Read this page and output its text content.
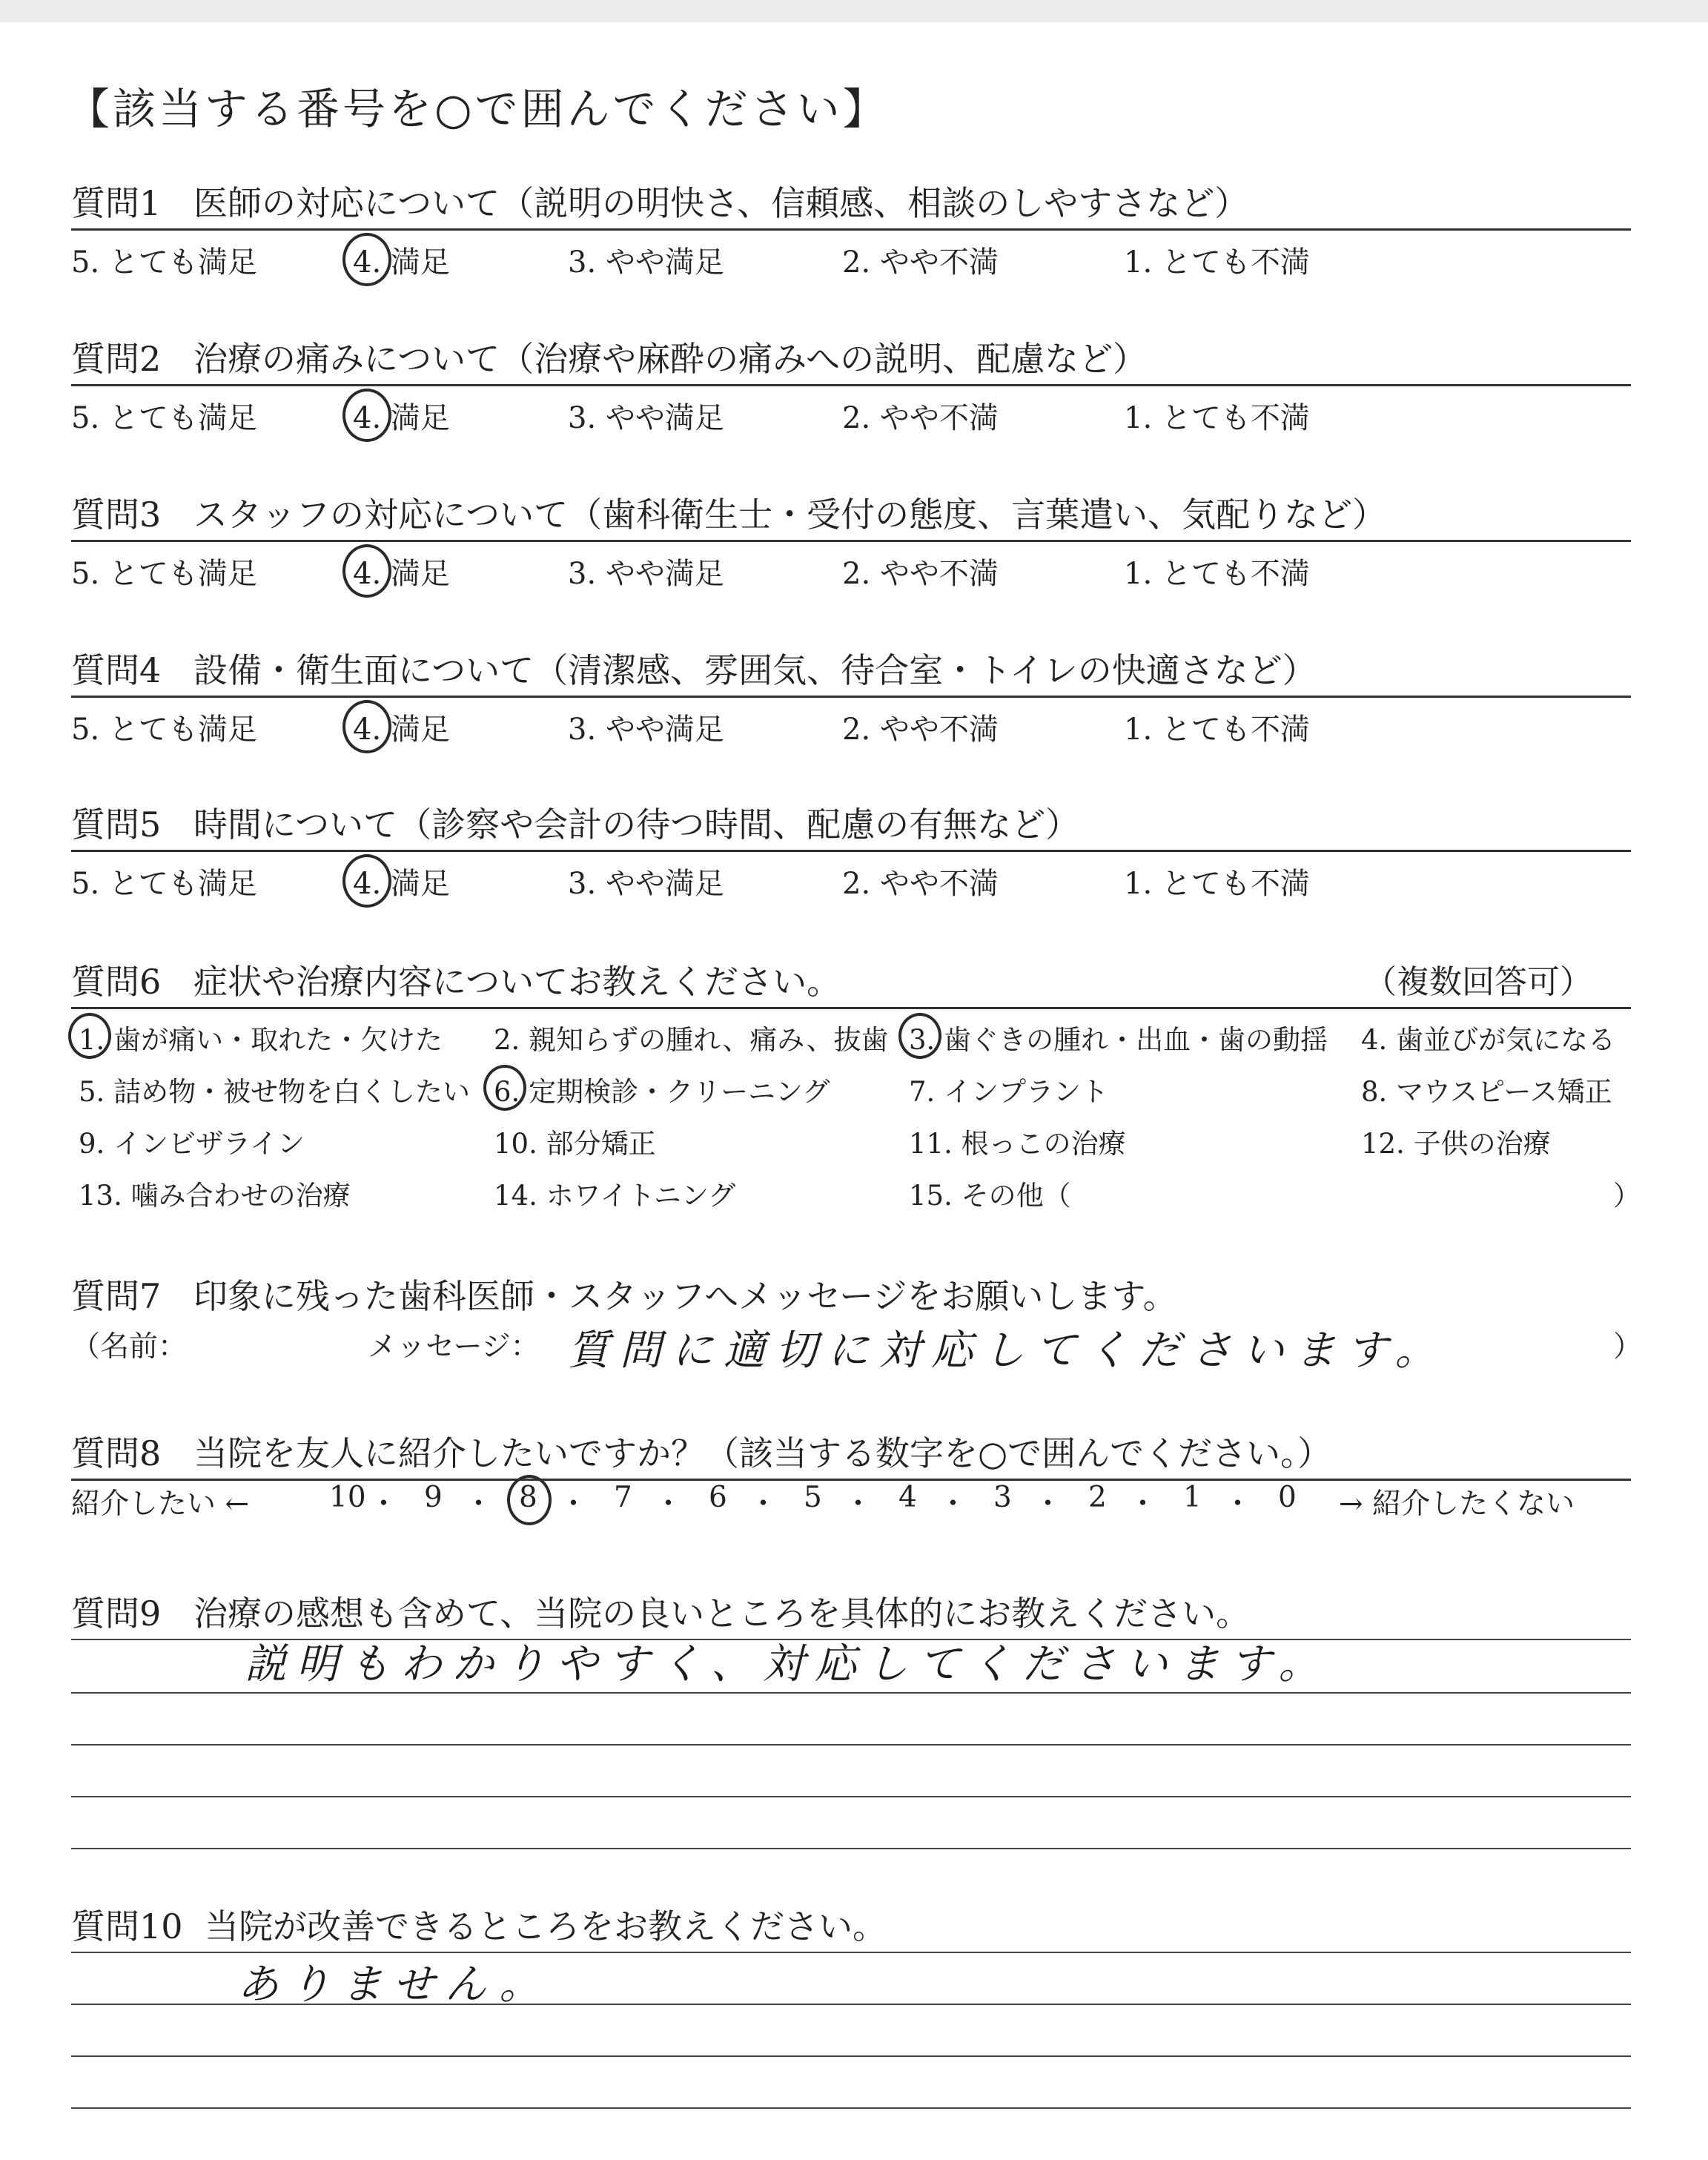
【該当する番号を○で囲んでください】
質問1 医師の対応について（説明の明快さ、信頼感、相談のしやすさなど）
5. とても満足	4. 満足	3. やや満足	2. やや不満	1. とても不満
質問2 治療の痛みについて（治療や麻酔の痛みへの説明、配慮など）
5. とても満足	4. 満足	3. やや満足	2. やや不満	1. とても不満
質問3 スタッフの対応について（歯科衛生士・受付の態度、言葉遣い、気配りなど）
5. とても満足	4. 満足	3. やや満足	2. やや不満	1. とても不満
質問4 設備・衛生面について（清潔感、雰囲気、待合室・トイレの快適さなど）
5. とても満足	4. 満足	3. やや満足	2. やや不満	1. とても不満
質問5 時間について（診察や会計の待つ時間、配慮の有無など）
5. とても満足	4. 満足	3. やや満足	2. やや不満	1. とても不満
質問6 症状や治療内容についてお教えください。	（複数回答可）
1. 歯が痛い・取れた・欠けた 2. 親知らずの腫れ、痛み、抜歯 3. 歯ぐきの腫れ・出血・歯の動揺 4. 歯並びが気になる
5. 詰め物・被せ物を白くしたい 6. 定期検診・クリーニング	7. インプラント	8. マウスピース矯正
9. インビザライン	10. 部分矯正	11. 根っこの治療	12. 子供の治療
13. 噛み合わせの治療	14. ホワイトニング	15. その他（	）
質問7 印象に残った歯科医師・スタッフへメッセージをお願いします。
（名前：	メッセージ： 質問に適切に対応してくださいます。	）
質問8 当院を友人に紹介したいですか？（該当する数字を○で囲んでください。）
紹介したい ←	10 ・ 9 ・ 8 ・ 7 ・ 6 ・ 5 ・ 4 ・ 3 ・ 2 ・ 1 ・ 0 → 紹介したくない
質問9 治療の感想も含めて、当院の良いところを具体的にお教えください。
説明もわかりやすく、対応してくださいます。
質問10 当院が改善できるところをお教えください。
ありません。
